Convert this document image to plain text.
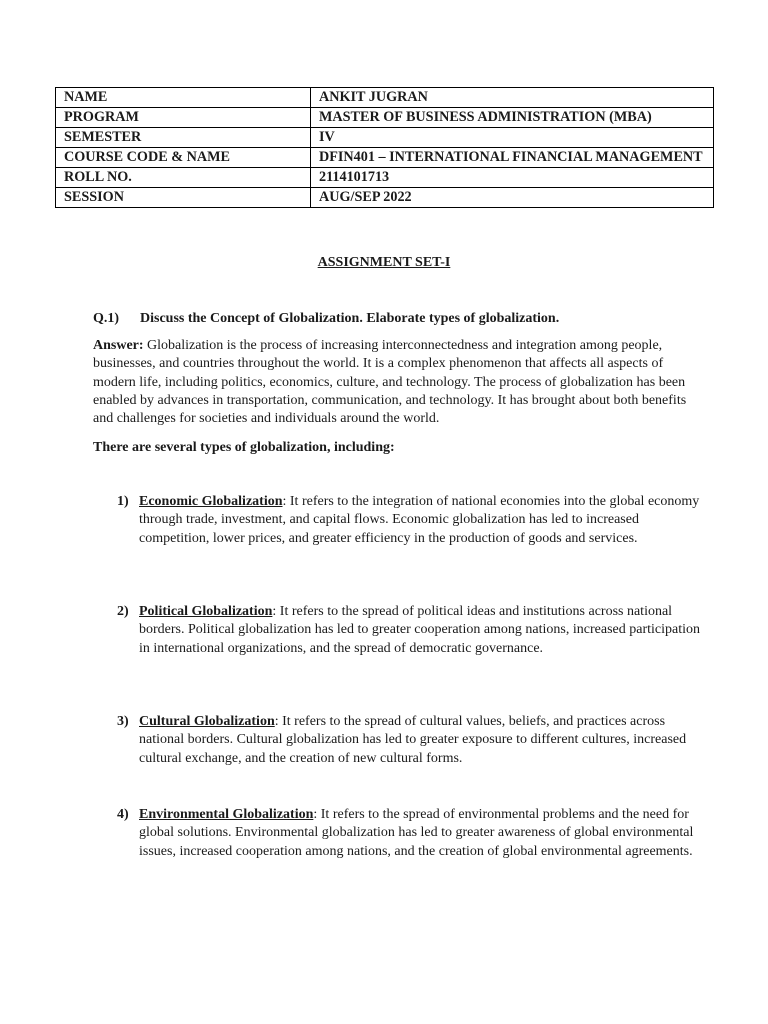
NAME	ANKIT JUGRAN
PROGRAM	MASTER OF BUSINESS ADMINISTRATION (MBA)
SEMESTER	IV
COURSE CODE & NAME	DFIN401 – INTERNATIONAL FINANCIAL MANAGEMENT
ROLL NO.	2114101713
SESSION	AUG/SEP 2022
ASSIGNMENT SET-I
Q.1) Discuss the Concept of Globalization. Elaborate types of globalization.

Answer: Globalization is the process of increasing interconnectedness and integration among people, businesses, and countries throughout the world. It is a complex phenomenon that affects all aspects of modern life, including politics, economics, culture, and technology. The process of globalization has been enabled by advances in transportation, communication, and technology. It has brought about both benefits and challenges for societies and individuals around the world.

There are several types of globalization, including:
1) Economic Globalization: It refers to the integration of national economies into the global economy through trade, investment, and capital flows. Economic globalization has led to increased competition, lower prices, and greater efficiency in the production of goods and services.
2) Political Globalization: It refers to the spread of political ideas and institutions across national borders. Political globalization has led to greater cooperation among nations, increased participation in international organizations, and the spread of democratic governance.
3) Cultural Globalization: It refers to the spread of cultural values, beliefs, and practices across national borders. Cultural globalization has led to greater exposure to different cultures, increased cultural exchange, and the creation of new cultural forms.
4) Environmental Globalization: It refers to the spread of environmental problems and the need for global solutions. Environmental globalization has led to greater awareness of global environmental issues, increased cooperation among nations, and the creation of global environmental agreements.
